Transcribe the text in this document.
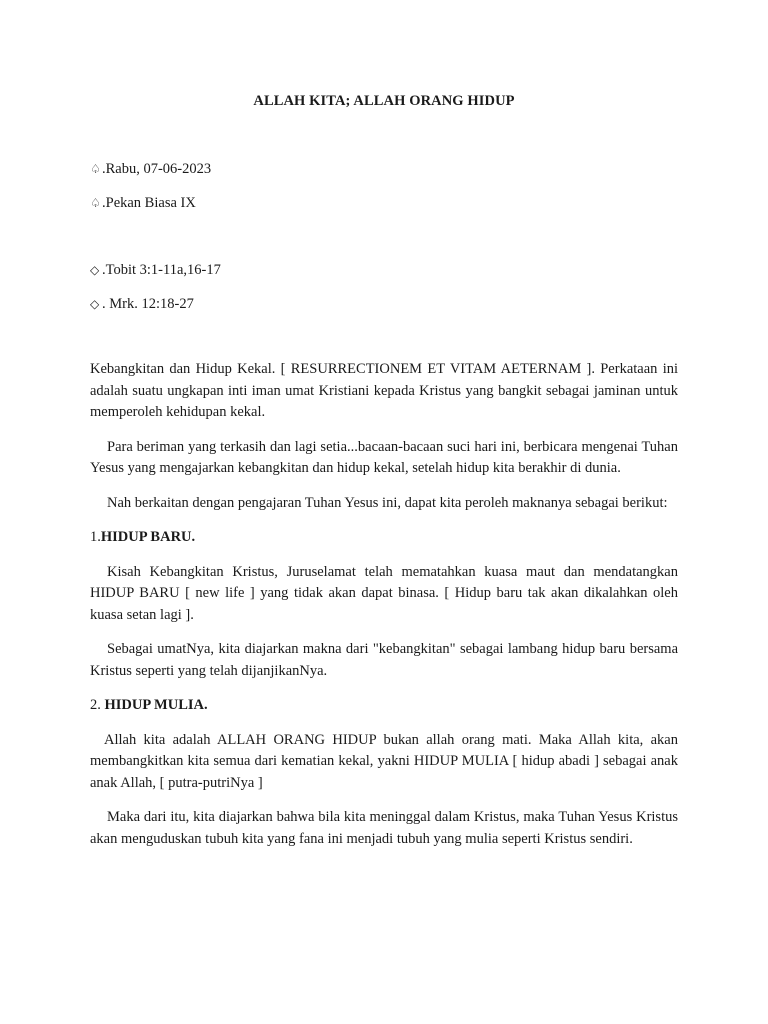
ALLAH KITA; ALLAH ORANG HIDUP
♤.Rabu, 07-06-2023
♤.Pekan Biasa IX
◇ .Tobit 3:1-11a,16-17
◇ . Mrk. 12:18-27

Kebangkitan dan Hidup Kekal. [ RESURRECTIONEM ET VITAM AETERNAM ]. Perkataan ini adalah suatu ungkapan inti iman umat Kristiani kepada Kristus yang bangkit sebagai jaminan untuk memperoleh kehidupan kekal.

Para beriman yang terkasih dan lagi setia...bacaan-bacaan suci hari ini, berbicara mengenai Tuhan Yesus yang mengajarkan kebangkitan dan hidup kekal, setelah hidup kita berakhir di dunia.

Nah berkaitan dengan pengajaran Tuhan Yesus ini, dapat kita peroleh maknanya sebagai berikut:

1.HIDUP BARU.

Kisah Kebangkitan Kristus, Juruselamat telah mematahkan kuasa maut dan mendatangkan HIDUP BARU [ new life ] yang tidak akan dapat binasa. [ Hidup baru tak akan dikalahkan oleh kuasa setan lagi ].

Sebagai umatNya, kita diajarkan makna dari "kebangkitan" sebagai lambang hidup baru bersama Kristus seperti yang telah dijanjikanNya.

2. HIDUP MULIA.

Allah kita adalah ALLAH ORANG HIDUP bukan allah orang mati. Maka Allah kita, akan membangkitkan kita semua dari kematian kekal, yakni HIDUP MULIA [ hidup abadi ] sebagai anak anak Allah, [ putra-putriNya ]

Maka dari itu, kita diajarkan bahwa bila kita meninggal dalam Kristus, maka Tuhan Yesus Kristus akan menguduskan tubuh kita yang fana ini menjadi tubuh yang mulia seperti Kristus sendiri.
